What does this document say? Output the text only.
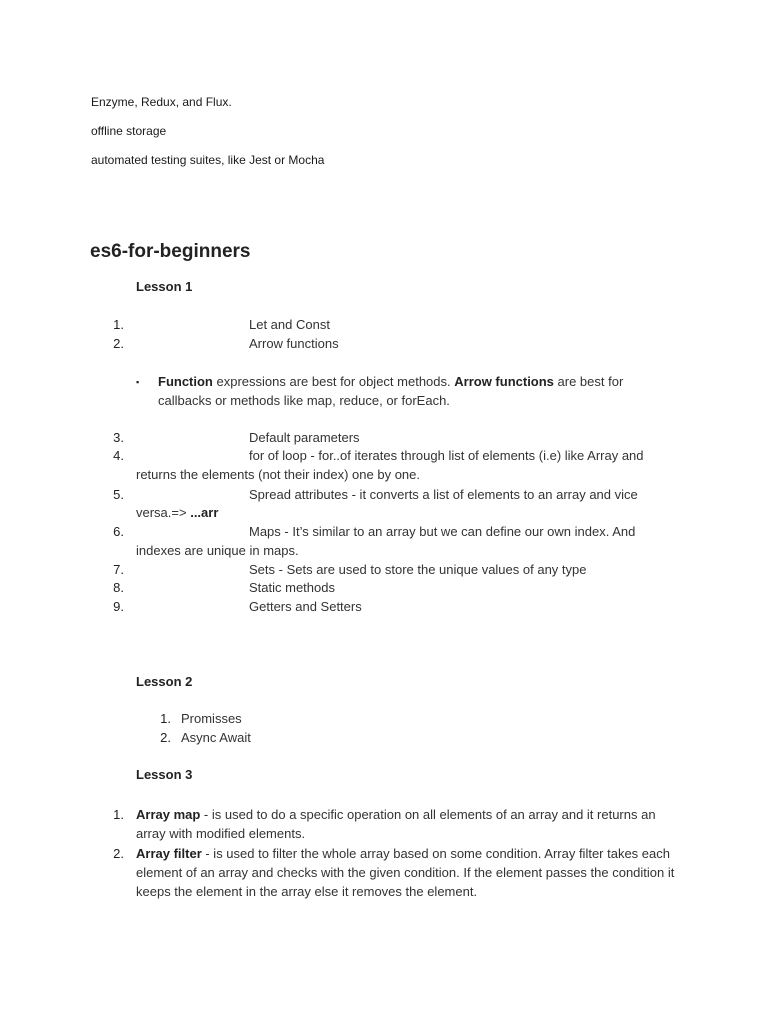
Enzyme, Redux, and Flux.
offline storage
automated testing suites, like Jest or Mocha
es6-for-beginners
Lesson 1
1.	Let and Const
2.	Arrow functions
▪ Function expressions are best for object methods. Arrow functions are best for
callbacks or methods like map, reduce, or forEach.
3.	Default parameters
4.	for of loop - for..of iterates through list of elements (i.e) like Array and
returns the elements (not their index) one by one.
5.	Spread attributes - it converts a list of elements to an array and vice
versa.=> ...arr
6.	Maps - It’s similar to an array but we can define our own index. And
indexes are unique in maps.
7.	Sets - Sets are used to store the unique values of any type
8.	Static methods
9.	Getters and Setters
Lesson 2
1. Promisses
2. Async Await
Lesson 3
1. Array map - is used to do a specific operation on all elements of an array and it returns an array with modified elements.
2. Array filter - is used to filter the whole array based on some condition. Array filter takes each element of an array and checks with the given condition. If the element passes the condition it keeps the element in the array else it removes the element.
